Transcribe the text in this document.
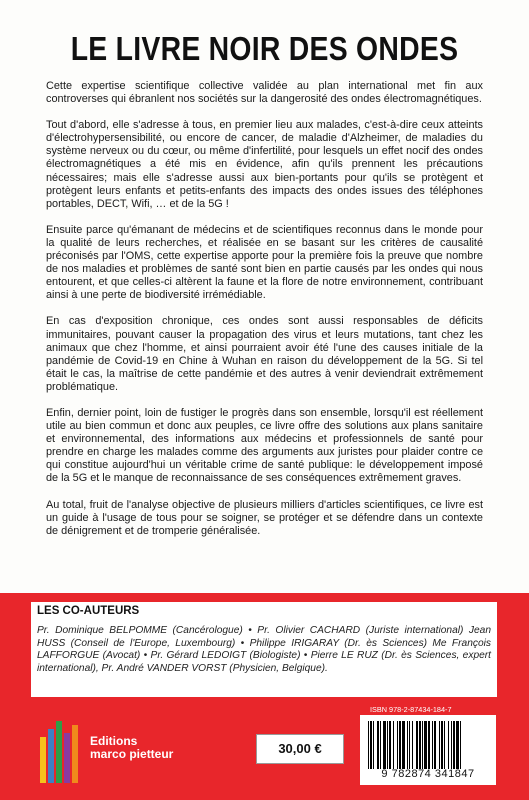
LE LIVRE NOIR DES ONDES

Cette expertise scientifique collective validée au plan international met fin aux controverses qui ébranlent nos sociétés sur la dangerosité des ondes électromagnétiques.

Tout d'abord, elle s'adresse à tous, en premier lieu aux malades, c'est-à-dire ceux atteints d'électrohypersensibilité, ou encore de cancer, de maladie d'Alzheimer, de maladies du système nerveux ou du cœur, ou même d'infertilité, pour lesquels un effet nocif des ondes électromagnétiques a été mis en évidence, afin qu'ils prennent les précautions nécessaires; mais elle s'adresse aussi aux bien-portants pour qu'ils se protègent et protègent leurs enfants et petits-enfants des impacts des ondes issues des téléphones portables, DECT, Wifi, … et de la 5G !

Ensuite parce qu'émanant de médecins et de scientifiques reconnus dans le monde pour la qualité de leurs recherches, et réalisée en se basant sur les critères de causalité préconisés par l'OMS, cette expertise apporte pour la première fois la preuve que nombre de nos maladies et problèmes de santé sont bien en partie causés par les ondes qui nous entourent, et que celles-ci altèrent la faune et la flore de notre environnement, contribuant ainsi à une perte de biodiversité irrémédiable.

En cas d'exposition chronique, ces ondes sont aussi responsables de déficits immunitaires, pouvant causer la propagation des virus et leurs mutations, tant chez les animaux que chez l'homme, et ainsi pourraient avoir été l'une des causes initiale de la pandémie de Covid-19 en Chine à Wuhan en raison du développement de la 5G. Si tel était le cas, la maîtrise de cette pandémie et des autres à venir deviendrait extrêmement problématique.

Enfin, dernier point, loin de fustiger le progrès dans son ensemble, lorsqu'il est réellement utile au bien commun et donc aux peuples, ce livre offre des solutions aux plans sanitaire et environnemental, des informations aux médecins et professionnels de santé pour prendre en charge les malades comme des arguments aux juristes pour plaider contre ce qui constitue aujourd'hui un véritable crime de santé publique: le développement imposé de la 5G et le manque de reconnaissance de ses conséquences extrêmement graves.

Au total, fruit de l'analyse objective de plusieurs milliers d'articles scientifiques, ce livre est un guide à l'usage de tous pour se soigner, se protéger et se défendre dans un contexte de dénigrement et de tromperie généralisée.

LES CO-AUTEURS
Pr. Dominique BELPOMME (Cancérologue) • Pr. Olivier CACHARD (Juriste international) Jean HUSS (Conseil de l'Europe, Luxembourg) • Philippe IRIGARAY (Dr. ès Sciences) Me François LAFFORGUE (Avocat) • Pr. Gérard LEDOIGT (Biologiste) • Pierre LE RUZ (Dr. ès Sciences, expert international), Pr. André VANDER VORST (Physicien, Belgique).
Editions
marco pietteur	30,00 €
ISBN 978-2-87434-184-7
9 782874 341847
